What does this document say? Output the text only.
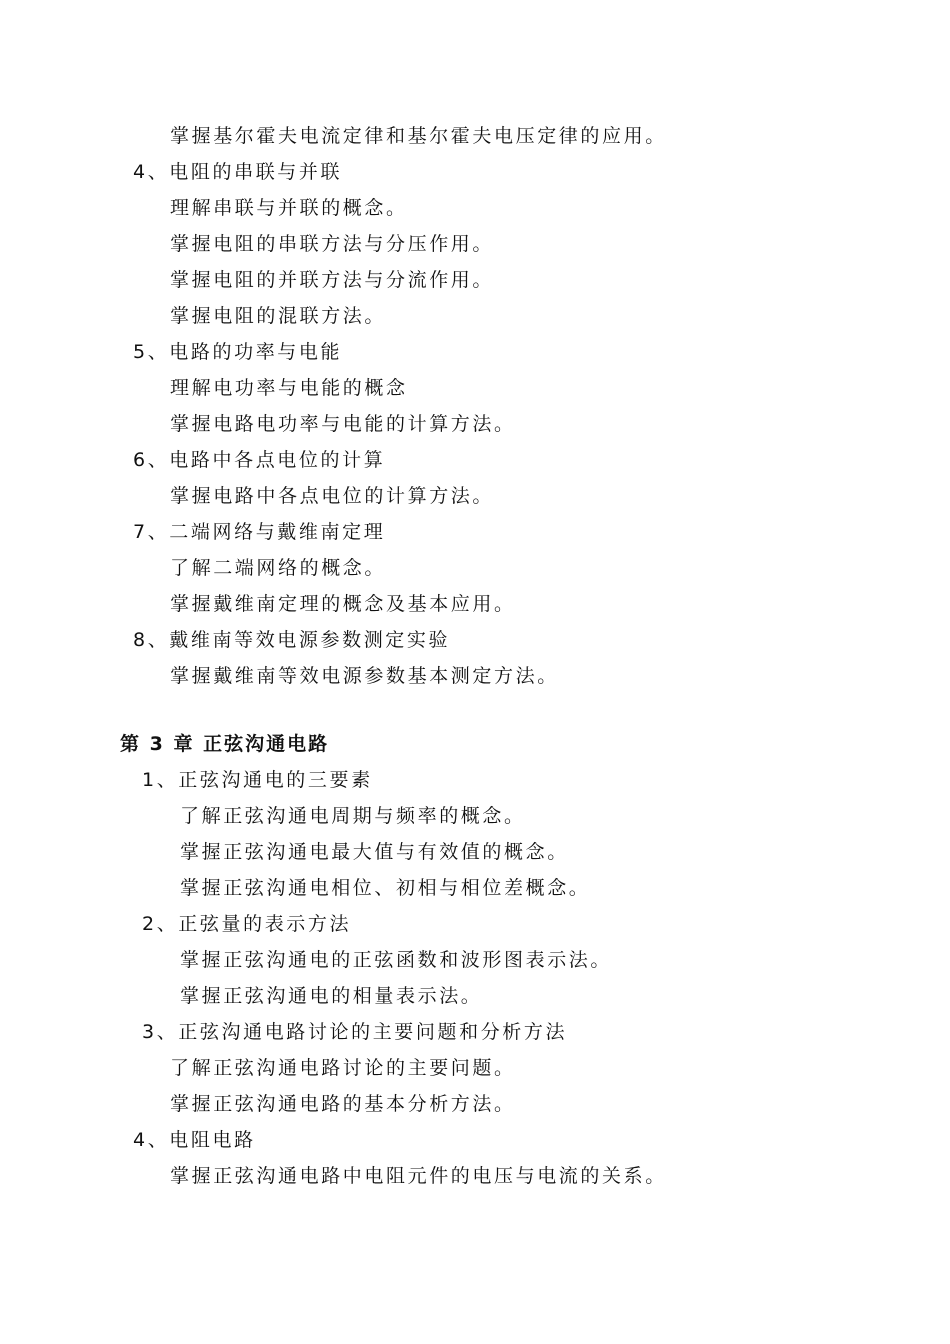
掌握基尔霍夫电流定律和基尔霍夫电压定律的应用。
4、电阻的串联与并联
理解串联与并联的概念。
掌握电阻的串联方法与分压作用。
掌握电阻的并联方法与分流作用。
掌握电阻的混联方法。
5、电路的功率与电能
理解电功率与电能的概念
掌握电路电功率与电能的计算方法。
6、电路中各点电位的计算
掌握电路中各点电位的计算方法。
7、二端网络与戴维南定理
了解二端网络的概念。
掌握戴维南定理的概念及基本应用。
8、戴维南等效电源参数测定实验
掌握戴维南等效电源参数基本测定方法。
第 3 章 正弦沟通电路
1、正弦沟通电的三要素
了解正弦沟通电周期与频率的概念。
掌握正弦沟通电最大值与有效值的概念。
掌握正弦沟通电相位、初相与相位差概念。
2、正弦量的表示方法
掌握正弦沟通电的正弦函数和波形图表示法。
掌握正弦沟通电的相量表示法。
3、正弦沟通电路讨论的主要问题和分析方法
了解正弦沟通电路讨论的主要问题。
掌握正弦沟通电路的基本分析方法。
4、电阻电路
掌握正弦沟通电路中电阻元件的电压与电流的关系。
